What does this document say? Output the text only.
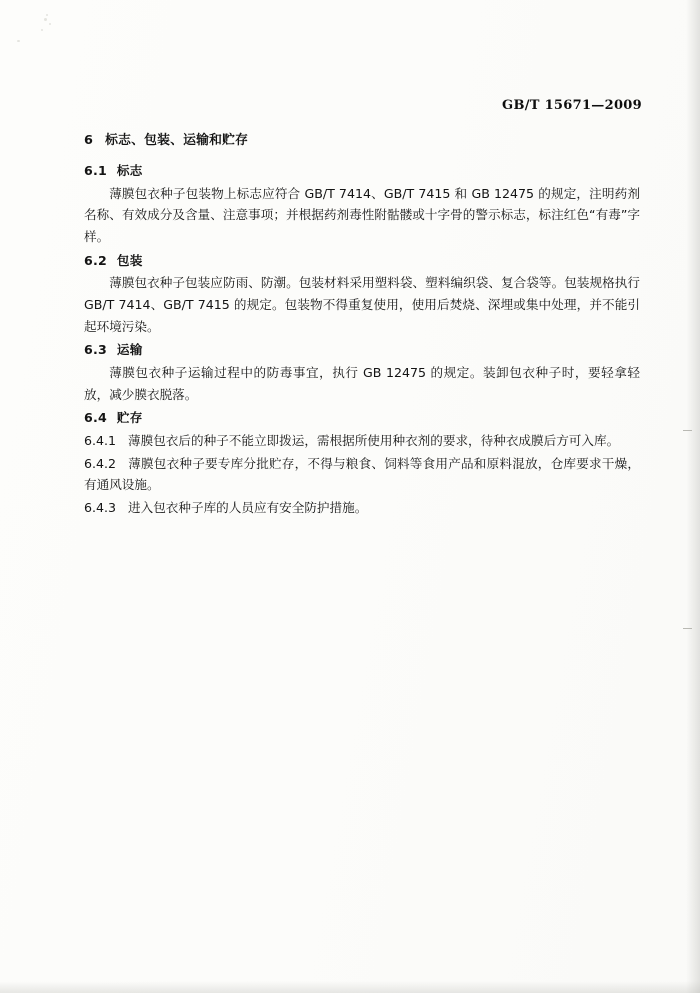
GB/T 15671—2009
6 标志、包装、运输和贮存
6.1 标志

薄膜包衣种子包装物上标志应符合 GB/T 7414、GB/T 7415 和 GB 12475 的规定，注明药剂名称、有效成分及含量、注意事项；并根据药剂毒性附骷髅或十字骨的警示标志，标注红色“有毒”字样。

6.2 包装

薄膜包衣种子包装应防雨、防潮。包装材料采用塑料袋、塑料编织袋、复合袋等。包装规格执行 GB/T 7414、GB/T 7415 的规定。包装物不得重复使用，使用后焚烧、深埋或集中处理，并不能引起环境污染。

6.3 运输

薄膜包衣种子运输过程中的防毒事宜，执行 GB 12475 的规定。装卸包衣种子时，要轻拿轻放，减少膜衣脱落。

6.4 贮存

6.4.1 薄膜包衣后的种子不能立即拨运，需根据所使用种衣剂的要求，待种衣成膜后方可入库。

6.4.2 薄膜包衣种子要专库分批贮存，不得与粮食、饲料等食用产品和原料混放，仓库要求干燥，有通风设施。

6.4.3 进入包衣种子库的人员应有安全防护措施。
